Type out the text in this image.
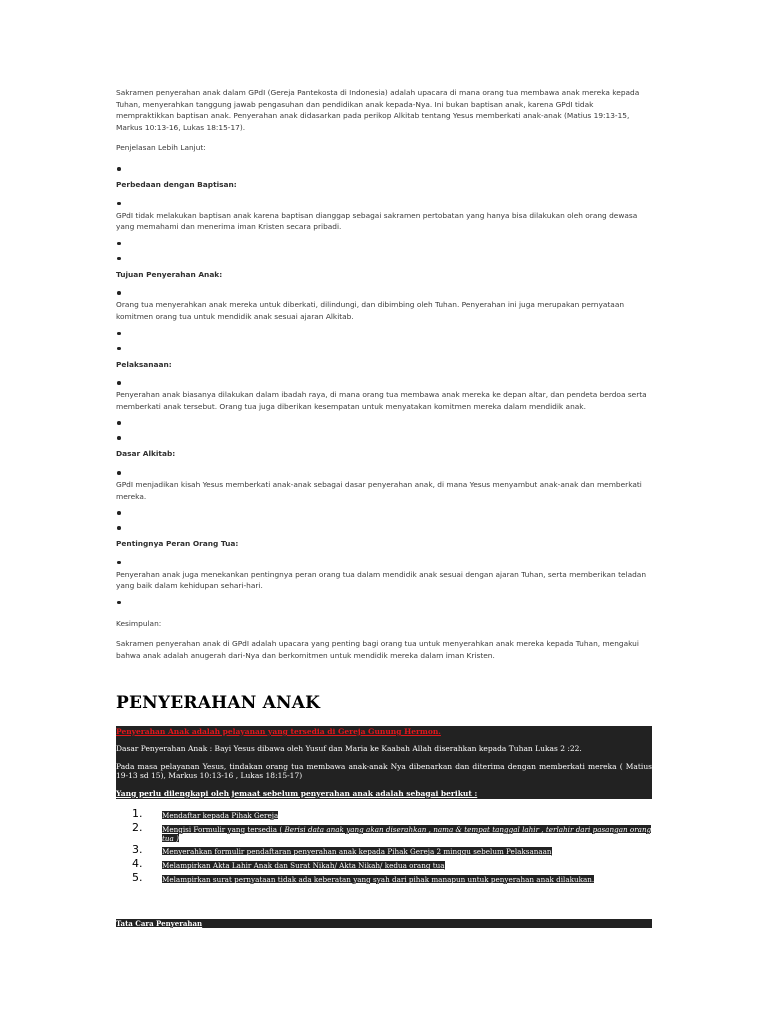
Sakramen penyerahan anak dalam GPdI (Gereja Pantekosta di Indonesia) adalah upacara di mana orang tua membawa anak mereka kepada Tuhan, menyerahkan tanggung jawab pengasuhan dan pendidikan anak kepada-Nya. Ini bukan baptisan anak, karena GPdI tidak mempraktikkan baptisan anak. Penyerahan anak didasarkan pada perikop Alkitab tentang Yesus memberkati anak-anak (Matius 19:13-15, Markus 10:13-16, Lukas 18:15-17).

Penjelasan Lebih Lanjut:

Perbedaan dengan Baptisan:
GPdI tidak melakukan baptisan anak karena baptisan dianggap sebagai sakramen pertobatan yang hanya bisa dilakukan oleh orang dewasa yang memahami dan menerima iman Kristen secara pribadi.
Tujuan Penyerahan Anak:
Orang tua menyerahkan anak mereka untuk diberkati, dilindungi, dan dibimbing oleh Tuhan. Penyerahan ini juga merupakan pernyataan komitmen orang tua untuk mendidik anak sesuai ajaran Alkitab.
Pelaksanaan:
Penyerahan anak biasanya dilakukan dalam ibadah raya, di mana orang tua membawa anak mereka ke depan altar, dan pendeta berdoa serta memberkati anak tersebut. Orang tua juga diberikan kesempatan untuk menyatakan komitmen mereka dalam mendidik anak.
Dasar Alkitab:
GPdI menjadikan kisah Yesus memberkati anak-anak sebagai dasar penyerahan anak, di mana Yesus menyambut anak-anak dan memberkati mereka.
Pentingnya Peran Orang Tua:
Penyerahan anak juga menekankan pentingnya peran orang tua dalam mendidik anak sesuai dengan ajaran Tuhan, serta memberikan teladan yang baik dalam kehidupan sehari-hari.

Kesimpulan:

Sakramen penyerahan anak di GPdI adalah upacara yang penting bagi orang tua untuk menyerahkan anak mereka kepada Tuhan, mengakui bahwa anak adalah anugerah dari-Nya dan berkomitmen untuk mendidik mereka dalam iman Kristen.

PENYERAHAN ANAK

Penyerahan Anak adalah pelayanan yang tersedia di Gereja Gunung Hermon.

Dasar Penyerahan Anak : Bayi Yesus dibawa oleh Yusuf dan Maria ke Kaabah Allah diserahkan kepada Tuhan Lukas 2 :22.

Pada masa pelayanan Yesus, tindakan orang tua membawa anak-anak Nya dibenarkan dan diterima dengan memberkati mereka ( Matius 19-13 sd 15), Markus 10:13-16 , Lukas 18:15-17)

Yang perlu dilengkapi oleh jemaat sebelum penyerahan anak adalah sebagai berikut :

1.	Mendaftar kepada Pihak Gereja
2.	Mengisi Formulir yang tersedia ( Berisi data anak yang akan diserahkan , nama & tempat tanggal lahir , terlahir dari pasangan orang tua )
3.	Menyerahkan formulir pendaftaran penyerahan anak kepada Pihak Gereja 2 minggu sebelum Pelaksanaan
4.	Melampirkan Akta Lahir Anak dan Surat Nikah/ Akta Nikah/ kedua orang tua
5.	Melampirkan surat pernyataan tidak ada keberatan yang syah dari pihak manapun untuk penyerahan anak dilakukan.
Tata Cara Penyerahan
